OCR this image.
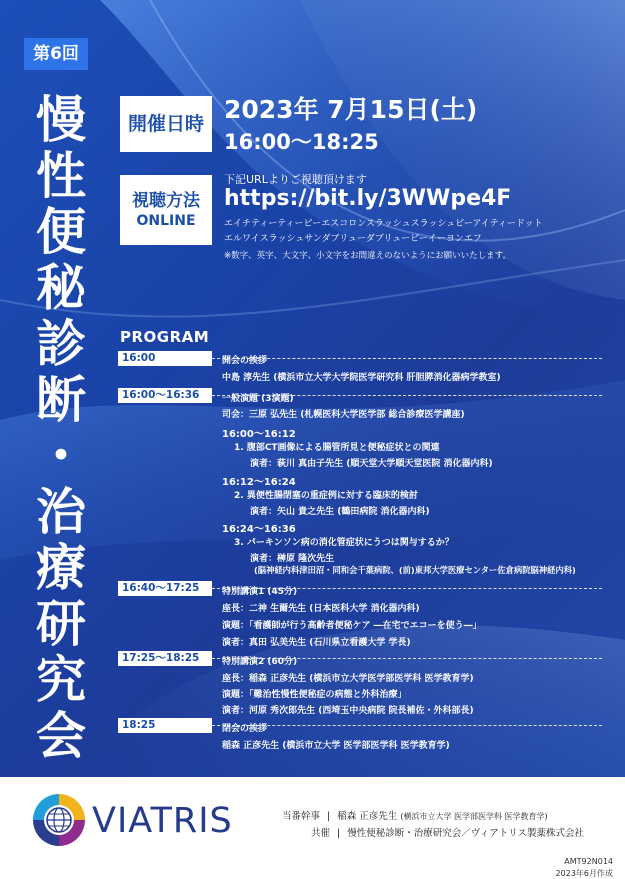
第6回
慢
性
便
秘
診
断
・
治
療
研
究
会
開催日時 2023年 7月15日(土)
16:00～18:25
視聴方法
ONLINE
下記URLよりご視聴頂けます
https://bit.ly/3WWpe4F
エイチティーティーピーエスコロンスラッシュスラッシュビーアイティードット
エルワイスラッシュサンダブリューダブリューピーイーヨンエフ
※数字、英字、大文字、小文字をお間違えのないようにお願いいたします。
PROGRAM
16:00	開会の挨拶
中島 淳先生 (横浜市立大学大学院医学研究科 肝胆膵消化器病学教室)
16:00～16:36	一般演題 (3演題)
司会：三原 弘先生 (札幌医科大学医学部 総合診療医学講座)
16:00～16:12
1. 腹部CT画像による腸管所見と便秘症状との関連
演者：萩川 真由子先生 (順天堂大学順天堂医院 消化器内科)
16:12～16:24
2. 異便性腸閉塞の重症例に対する臨床的検討
演者：矢山 貴之先生 (鶴田病院 消化器内科)
16:24～16:36
3. パーキンソン病の消化管症状にうつは関与するか？
演者：榊原 隆次先生
(脳神経内科津田沼・同和会千葉病院、(前)東邦大学医療センター佐倉病院脳神経内科)
16:40～17:25	特別講演1 (45分)
座長：二神 生爾先生 (日本医科大学 消化器内科)
演題：「看護師が行う高齢者便秘ケア ―在宅でエコーを使う―」
演者：真田 弘美先生 (石川県立看護大学 学長)
17:25～18:25	特別講演2 (60分)
座長：稲森 正彦先生 (横浜市立大学医学部医学科 医学教育学)
演題：「難治性慢性便秘症の病態と外科治療」
演者：河原 秀次郎先生 (西埼玉中央病院 院長補佐・外科部長)
18:25	閉会の挨拶
稲森 正彦先生 (横浜市立大学 医学部医学科 医学教育学)
VIATRIS	当番幹事 | 稲森 正彦先生 (横浜市立大学 医学部医学科 医学教育学)
共催 | 慢性便秘診断・治療研究会／ヴィアトリス製薬株式会社
AMT92N014
2023年6月作成
